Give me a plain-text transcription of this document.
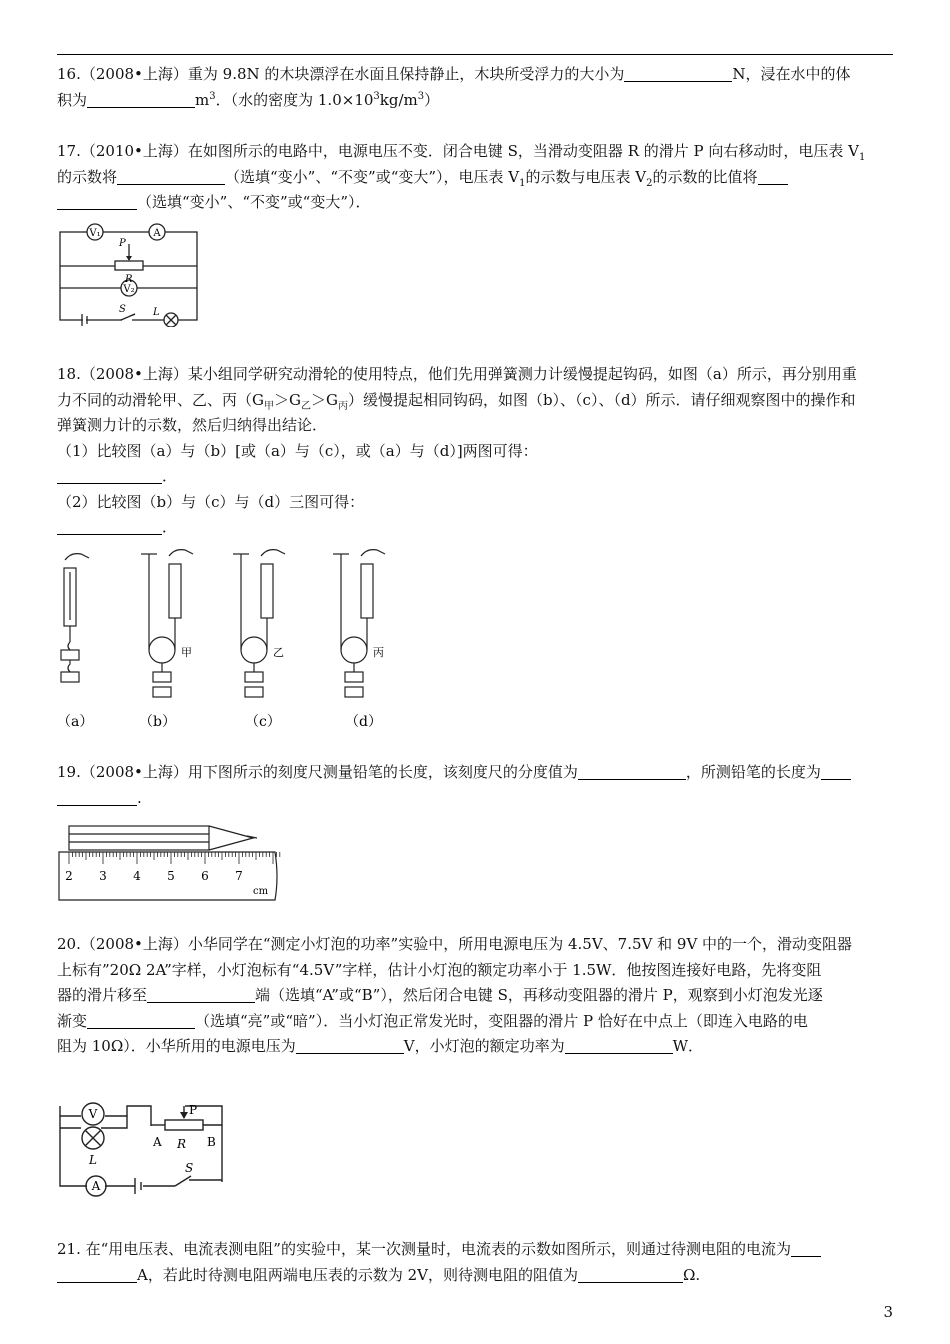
16.（2008•上海）重为 9.8N 的木块漂浮在水面且保持静止，木块所受浮力的大小为	N，浸在水中的体
积为	$m^3$．（水的密度为 $1.0\times 10^3kg/m^3$）
17.（2010•上海）在如图所示的电路中，电源电压不变．闭合电键 S，当滑动变阻器 R 的滑片 P 向右移动时，电压表 $V_1$
的示数将	（选填“变小”、“不变”或“变大”），电压表 $V_1$的示数与电压表 $V_2$的示数的比值将
（选填“变小”、“不变”或“变大”）．
V₁	A
P
R
V₂
S	L
18.（2008•上海）某小组同学研究动滑轮的使用特点，他们先用弹簧测力计缓慢提起钩码，如图（a）所示，再分别用重
力不同的动滑轮甲、乙、丙$(G_甲>G_乙>G_丙)$缓慢提起相同钩码，如图（b）、（c）、（d）所示．请仔细观察图中的操作和
弹簧测力计的示数，然后归纳得出结论．
（1）比较图（a）与（b）[或（a）与（c），或（a）与（d）]两图可得：
．
（2）比较图（b）与（c）与（d）三图可得：
．
甲	乙	丙
（a）	（b）	（c）	（d）
19.（2008•上海）用下图所示的刻度尺测量铅笔的长度，该刻度尺的分度值为	，所测铅笔的长度为
.
2 3 4 5 6 7
cm
20.（2008•上海）小华同学在“测定小灯泡的功率”实验中，所用电源电压为 4.5V、7.5V 和 9V 中的一个，滑动变阻器
上标有”20Ω 2A”字样，小灯泡标有“4.5V”字样，估计小灯泡的额定功率小于 1.5W．他按图连接好电路，先将变阻
器的滑片移至	端（选填“A”或“B”），然后闭合电键 S，再移动变阻器的滑片 P，观察到小灯泡发光逐
渐变	（选填“亮”或“暗”）．当小灯泡正常发光时，变阻器的滑片 P 恰好在中点上（即连入电路的电
阻为 10Ω）．小华所用的电源电压为	V，小灯泡的额定功率为	W．
V
L
A R B
P
A
S
21. 在“用电压表、电流表测电阻”的实验中，某一次测量时，电流表的示数如图所示，则通过待测电阻的电流为
A，若此时待测电阻两端电压表的示数为 2V，则待测电阻的阻值为	Ω.
3
